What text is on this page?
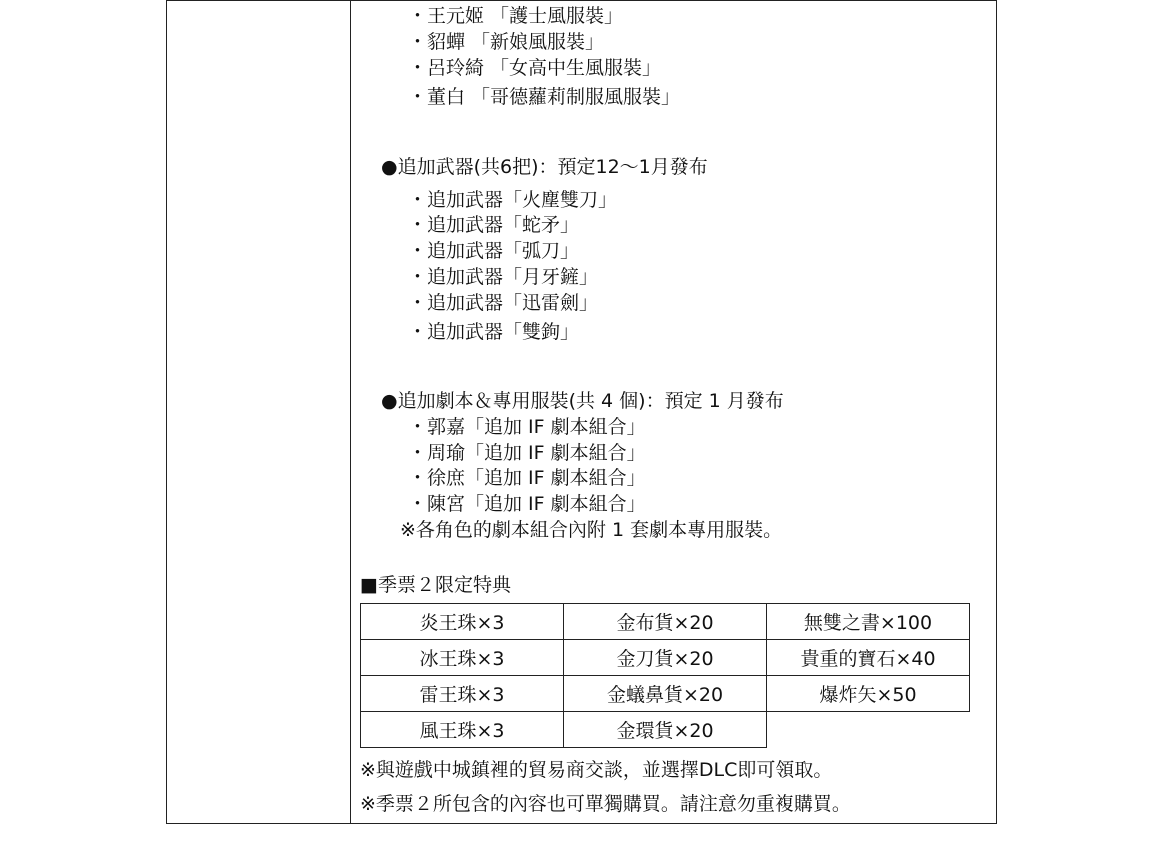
・王元姬 「護士風服裝」
・貂蟬 「新娘風服裝」
・呂玲綺 「女高中生風服裝」
・董白 「哥德蘿莉制服風服裝」
●追加武器(共6把)：預定12～1月發布
・追加武器「火塵雙刀」
・追加武器「蛇矛」
・追加武器「弧刀」
・追加武器「月牙鏟」
・追加武器「迅雷劍」
・追加武器「雙鉤」
●追加劇本＆專用服裝(共 4 個)：預定 1 月發布
・郭嘉「追加 IF 劇本組合」
・周瑜「追加 IF 劇本組合」
・徐庶「追加 IF 劇本組合」
・陳宮「追加 IF 劇本組合」
※各角色的劇本組合內附 1 套劇本專用服裝。
■季票２限定特典
炎王珠×3	金布貨×20	無雙之書×100
冰王珠×3	金刀貨×20	貴重的寶石×40
雷王珠×3	金蟻鼻貨×20	爆炸矢×50
風王珠×3	金環貨×20	
※與遊戲中城鎮裡的貿易商交談，並選擇DLC即可領取。
※季票２所包含的內容也可單獨購買。請注意勿重複購買。
